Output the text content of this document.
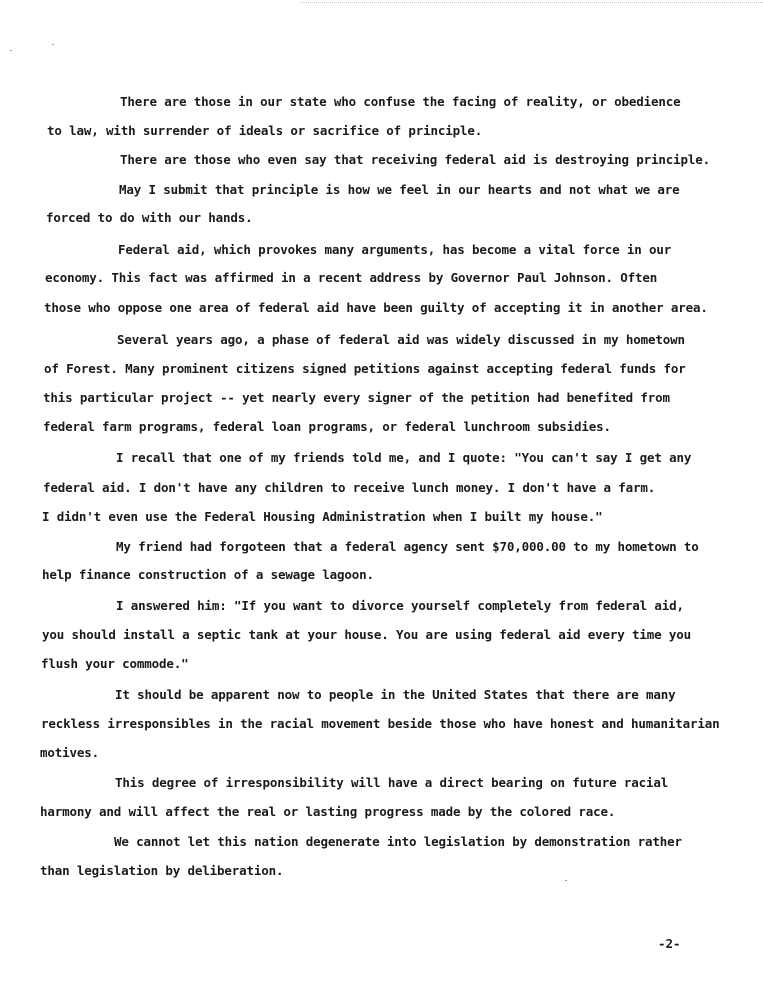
There are those in our state who confuse the facing of reality, or obedience
to law, with surrender of ideals or sacrifice of principle.
There are those who even say that receiving federal aid is destroying principle.
May I submit that principle is how we feel in our hearts and not what we are
forced to do with our hands.
Federal aid, which provokes many arguments, has become a vital force in our
economy. This fact was affirmed in a recent address by Governor Paul Johnson. Often
those who oppose one area of federal aid have been guilty of accepting it in another area.
Several years ago, a phase of federal aid was widely discussed in my hometown
of Forest. Many prominent citizens signed petitions against accepting federal funds for
this particular project -- yet nearly every signer of the petition had benefited from
federal farm programs, federal loan programs, or federal lunchroom subsidies.
I recall that one of my friends told me, and I quote: "You can't say I get any
federal aid. I don't have any children to receive lunch money. I don't have a farm.
I didn't even use the Federal Housing Administration when I built my house."
My friend had forgoteen that a federal agency sent $70,000.00 to my hometown to
help finance construction of a sewage lagoon.
I answered him: "If you want to divorce yourself completely from federal aid,
you should install a septic tank at your house. You are using federal aid every time you
flush your commode."
It should be apparent now to people in the United States that there are many
reckless irresponsibles in the racial movement beside those who have honest and humanitarian
motives.
This degree of irresponsibility will have a direct bearing on future racial
harmony and will affect the real or lasting progress made by the colored race.
We cannot let this nation degenerate into legislation by demonstration rather
than legislation by deliberation.
-2-
